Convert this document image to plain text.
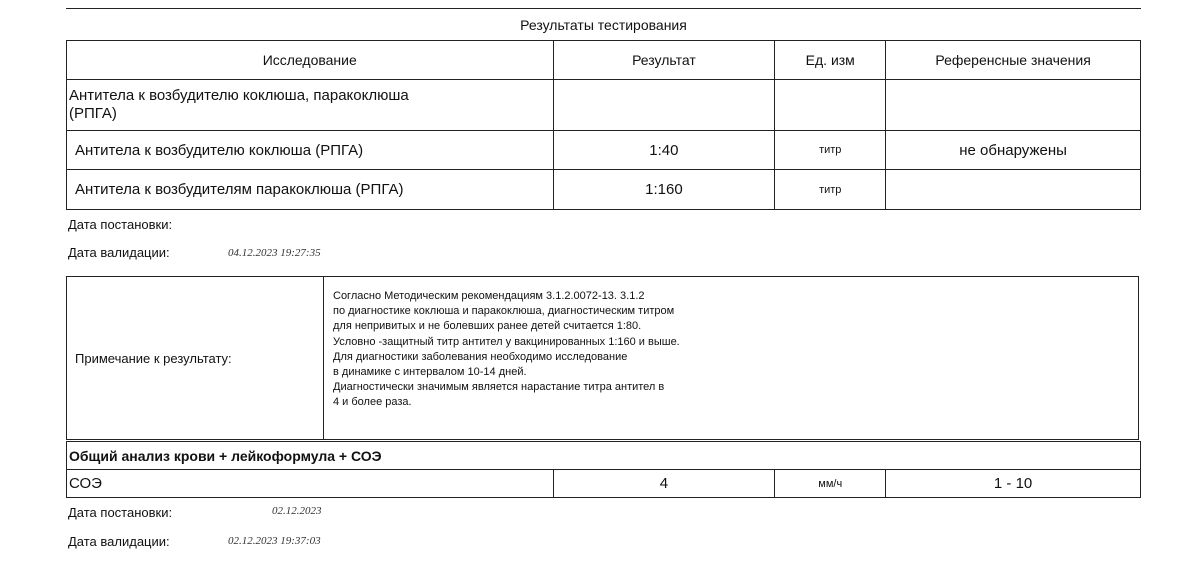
Результаты тестирования
Исследование	Результат	Ед. изм	Референсные значения
Антитела к возбудителю коклюша, паракоклюша
(РПГА)			
Антитела к возбудителю коклюша (РПГА)	1:40	титр	не обнаружены
Антитела к возбудителям паракоклюша (РПГА)	1:160	титр	
Дата постановки:
Дата валидации:	04.12.2023 19:27:35
Примечание к результату:
Согласно Методическим рекомендациям 3.1.2.0072-13. 3.1.2
по диагностике коклюша и паракоклюша, диагностическим титром
для непривитых и не болевших ранее детей считается 1:80.
Условно -защитный титр антител у вакцинированных 1:160 и выше.
Для диагностики заболевания необходимо исследование
в динамике с интервалом 10-14 дней.
Диагностически значимым является нарастание титра антител в
4 и более раза.
Общий анализ крови + лейкоформула + СОЭ
СОЭ	4	мм/ч	1 - 10
Дата постановки:	02.12.2023
Дата валидации:	02.12.2023 19:37:03
